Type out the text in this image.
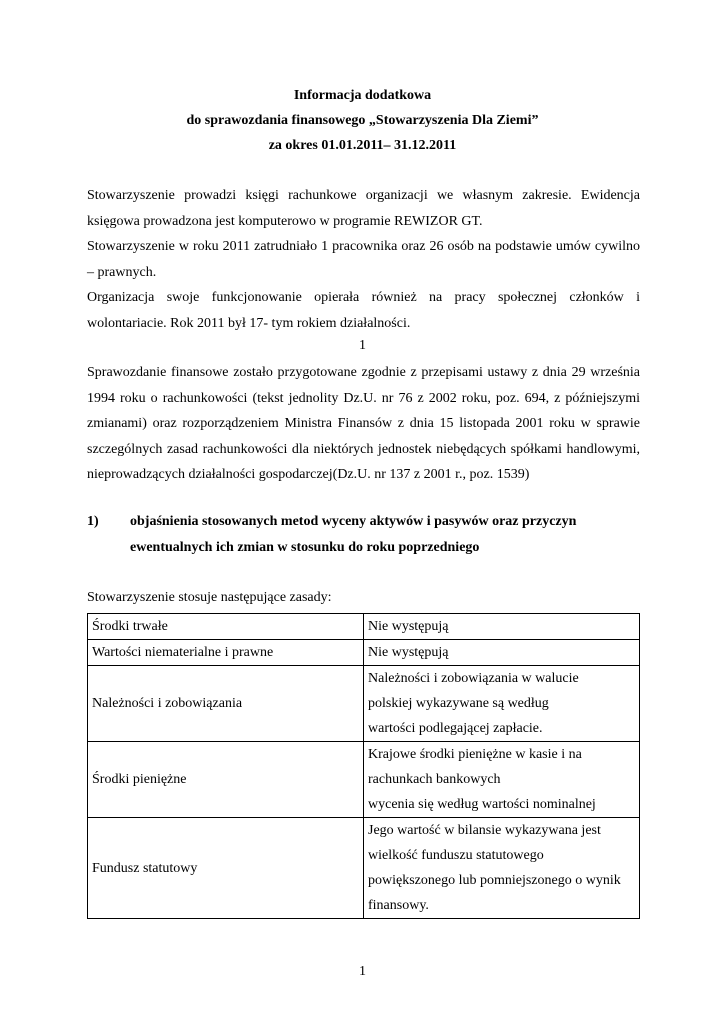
Informacja dodatkowa
do sprawozdania finansowego „Stowarzyszenia Dla Ziemi”
za okres 01.01.2011– 31.12.2011
Stowarzyszenie prowadzi księgi rachunkowe organizacji we własnym zakresie. Ewidencja księgowa prowadzona jest komputerowo w programie REWIZOR GT.
Stowarzyszenie w roku 2011 zatrudniało 1 pracownika oraz 26 osób na podstawie umów cywilno – prawnych.
Organizacja swoje funkcjonowanie opierała również na pracy społecznej członków i wolontariacie. Rok 2011 był 17- tym rokiem działalności.
1
Sprawozdanie finansowe zostało przygotowane zgodnie z przepisami ustawy z dnia 29 września 1994 roku o rachunkowości (tekst jednolity Dz.U. nr 76 z 2002 roku, poz. 694, z późniejszymi zmianami) oraz rozporządzeniem Ministra Finansów z dnia 15 listopada 2001 roku w sprawie szczególnych zasad rachunkowości dla niektórych jednostek niebędących spółkami handlowymi, nieprowadzących działalności gospodarczej(Dz.U. nr 137 z 2001 r., poz. 1539)
1) objaśnienia stosowanych metod wyceny aktywów i pasywów oraz przyczyn ewentualnych ich zmian w stosunku do roku poprzedniego
Stowarzyszenie stosuje następujące zasady:
Środki trwałe	Nie występują

Wartości niematerialne i prawne	Nie występują

Należności i zobowiązania	Należności i zobowiązania w walucie
polskiej wykazywane są według
wartości podlegającej zapłacie.

Środki pieniężne	Krajowe środki pieniężne w kasie i na
rachunkach bankowych
wycenia się według wartości nominalnej

Fundusz statutowy	Jego wartość w bilansie wykazywana jest
wielkość funduszu statutowego
powiększonego lub pomniejszonego o wynik
finansowy.
1
